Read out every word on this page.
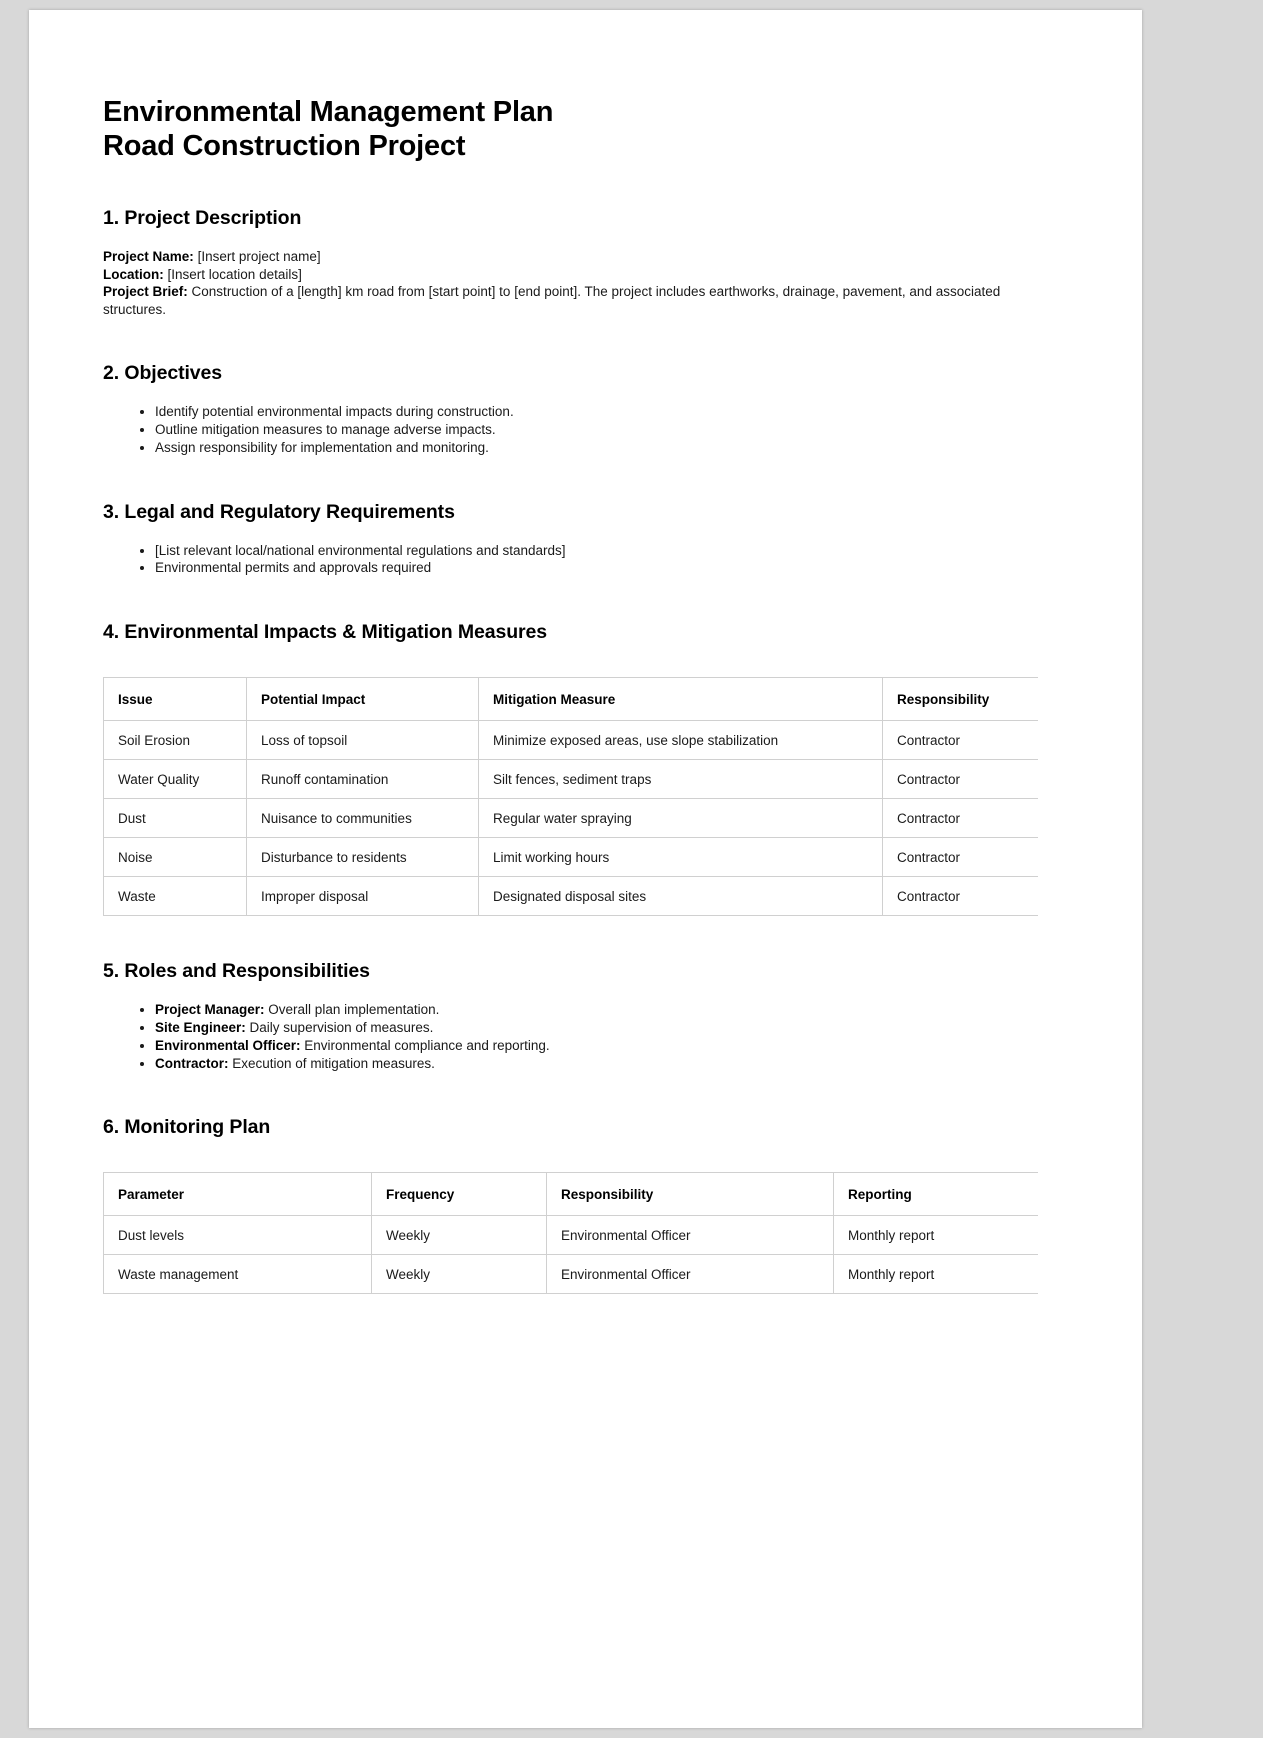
Environmental Management Plan
Road Construction Project
1. Project Description

Project Name: [Insert project name]
Location: [Insert location details]
Project Brief: Construction of a [length] km road from [start point] to [end point]. The project includes earthworks, drainage, pavement, and associated structures.

2. Objectives
• Identify potential environmental impacts during construction.
• Outline mitigation measures to manage adverse impacts.
• Assign responsibility for implementation and monitoring.
3. Legal and Regulatory Requirements
• [List relevant local/national environmental regulations and standards]
• Environmental permits and approvals required
4. Environmental Impacts & Mitigation Measures
Issue	Potential Impact	Mitigation Measure	Responsibility
Soil Erosion	Loss of topsoil	Minimize exposed areas, use slope stabilization	Contractor
Water Quality	Runoff contamination	Silt fences, sediment traps	Contractor
Dust	Nuisance to communities	Regular water spraying	Contractor
Noise	Disturbance to residents	Limit working hours	Contractor
Waste	Improper disposal	Designated disposal sites	Contractor
5. Roles and Responsibilities
• Project Manager: Overall plan implementation.
• Site Engineer: Daily supervision of measures.
• Environmental Officer: Environmental compliance and reporting.
• Contractor: Execution of mitigation measures.
6. Monitoring Plan
Parameter	Frequency	Responsibility	Reporting
Dust levels	Weekly	Environmental Officer	Monthly report
Waste management	Weekly	Environmental Officer	Monthly report
